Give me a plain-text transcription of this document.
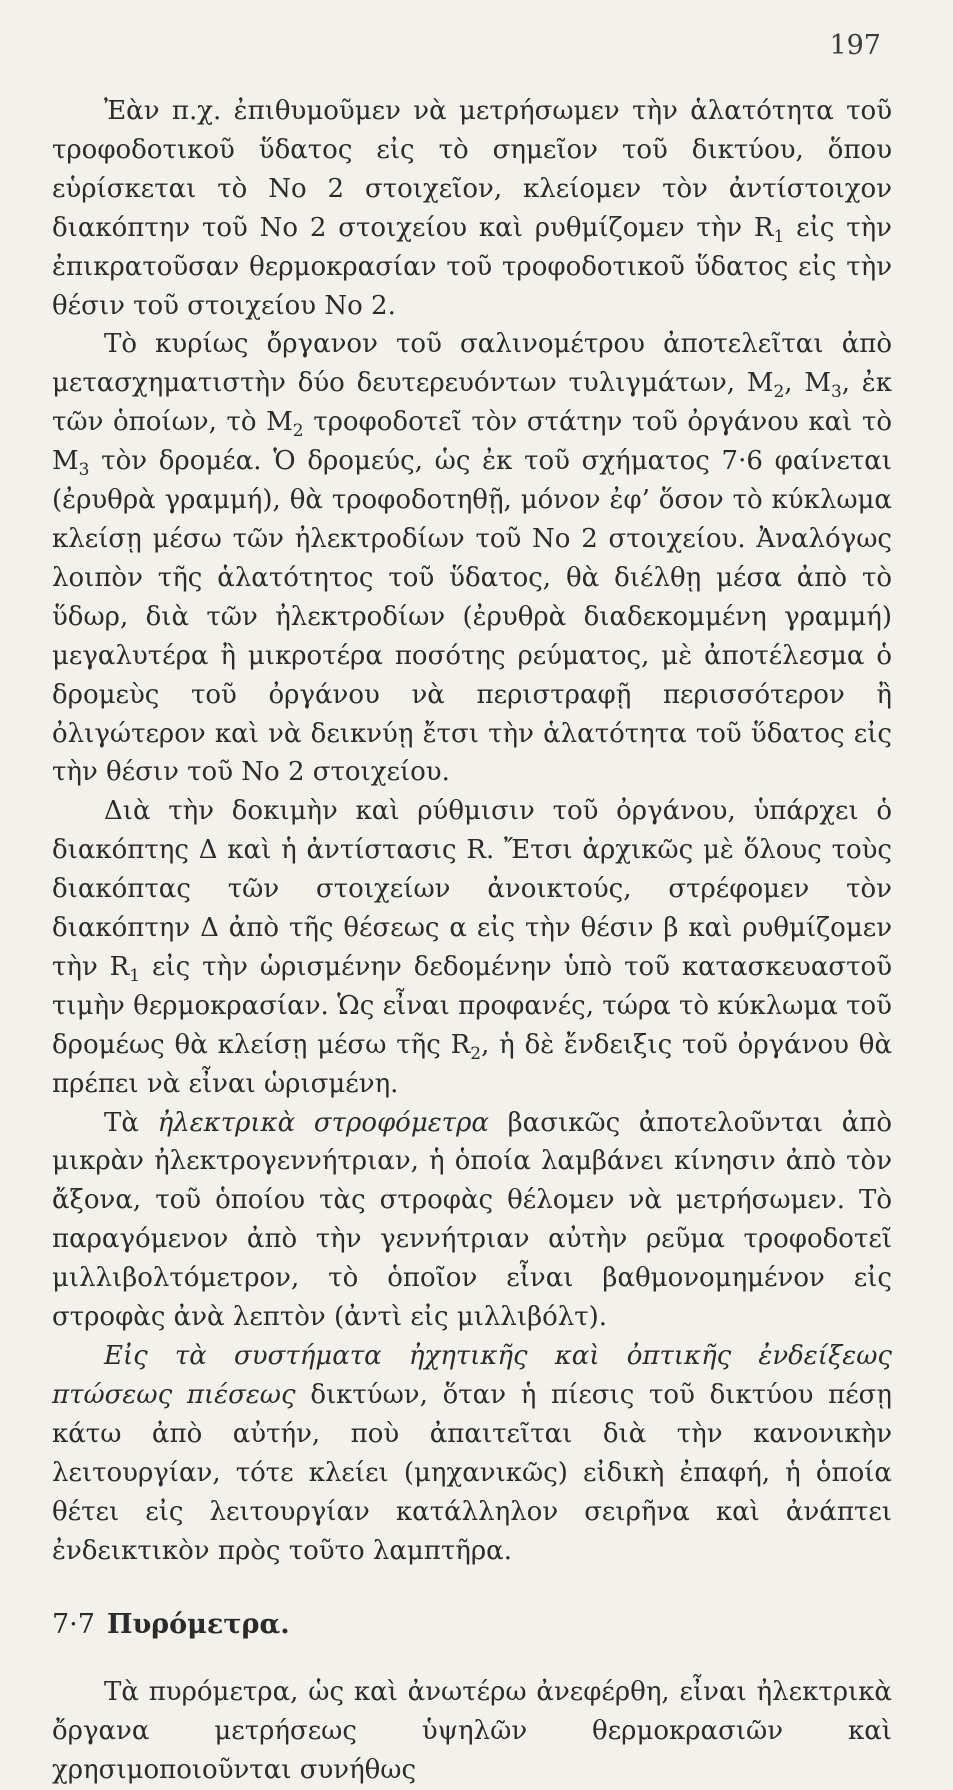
197

Ἐὰν π.χ. ἐπιθυμοῦμεν νὰ μετρήσωμεν τὴν ἁλατότητα τοῦ τροφοδοτικοῦ ὕδατος εἰς τὸ σημεῖον τοῦ δικτύου, ὅπου εὑρίσκεται τὸ Νο 2 στοιχεῖον, κλείομεν τὸν ἀντίστοιχον διακόπτην τοῦ Νο 2 στοιχείου καὶ ρυθμίζομεν τὴν $R_1$ εἰς τὴν ἐπικρατοῦσαν θερμοκρασίαν τοῦ τροφοδοτικοῦ ὕδατος εἰς τὴν θέσιν τοῦ στοιχείου Νο 2.

Τὸ κυρίως ὄργανον τοῦ σαλινομέτρου ἀποτελεῖται ἀπὸ μετασχηματιστὴν δύο δευτερευόντων τυλιγμάτων, $M_2$, $M_3$, ἐκ τῶν ὁποίων, τὸ $M_2$ τροφοδοτεῖ τὸν στάτην τοῦ ὀργάνου καὶ τὸ $M_3$ τὸν δρομέα. Ὁ δρομεύς, ὡς ἐκ τοῦ σχήματος 7·6 φαίνεται (ἐρυθρὰ γραμμή), θὰ τροφοδοτηθῇ, μόνον ἐφ’ ὅσον τὸ κύκλωμα κλείσῃ μέσω τῶν ἠλεκτροδίων τοῦ Νο 2 στοιχείου. Ἀναλόγως λοιπὸν τῆς ἁλατότητος τοῦ ὕδατος, θὰ διέλθῃ μέσα ἀπὸ τὸ ὕδωρ, διὰ τῶν ἠλεκτροδίων (ἐρυθρὰ διαδεκομμένη γραμμή) μεγαλυτέρα ἢ μικροτέρα ποσότης ρεύματος, μὲ ἀποτέλεσμα ὁ δρομεὺς τοῦ ὀργάνου νὰ περιστραφῇ περισσότερον ἢ ὀλιγώτερον καὶ νὰ δεικνύῃ ἔτσι τὴν ἁλατότητα τοῦ ὕδατος εἰς τὴν θέσιν τοῦ Νο 2 στοιχείου.

Διὰ τὴν δοκιμὴν καὶ ρύθμισιν τοῦ ὀργάνου, ὑπάρχει ὁ διακόπτης Δ καὶ ἡ ἀντίστασις R. Ἔτσι ἀρχικῶς μὲ ὅλους τοὺς διακόπτας τῶν στοιχείων ἀνοικτούς, στρέφομεν τὸν διακόπτην Δ ἀπὸ τῆς θέσεως α εἰς τὴν θέσιν β καὶ ρυθμίζομεν τὴν $R_1$ εἰς τὴν ὡρισμένην δεδομένην ὑπὸ τοῦ κατασκευαστοῦ τιμὴν θερμοκρασίαν. Ὡς εἶναι προφανές, τώρα τὸ κύκλωμα τοῦ δρομέως θὰ κλείσῃ μέσω τῆς $R_2$, ἡ δὲ ἔνδειξις τοῦ ὀργάνου θὰ πρέπει νὰ εἶναι ὡρισμένη.

Τὰ ἠλεκτρικὰ στροφόμετρα βασικῶς ἀποτελοῦνται ἀπὸ μικρὰν ἠλεκτρογεννήτριαν, ἡ ὁποία λαμβάνει κίνησιν ἀπὸ τὸν ἄξονα, τοῦ ὁποίου τὰς στροφὰς θέλομεν νὰ μετρήσωμεν. Τὸ παραγόμενον ἀπὸ τὴν γεννήτριαν αὐτὴν ρεῦμα τροφοδοτεῖ μιλλιβολτόμετρον, τὸ ὁποῖον εἶναι βαθμονομημένον εἰς στροφὰς ἀνὰ λεπτὸν (ἀντὶ εἰς μιλλιβόλτ).

Εἰς τὰ συστήματα ἠχητικῆς καὶ ὀπτικῆς ἐνδείξεως πτώσεως πιέσεως δικτύων, ὅταν ἡ πίεσις τοῦ δικτύου πέσῃ κάτω ἀπὸ αὐτήν, ποὺ ἀπαιτεῖται διὰ τὴν κανονικὴν λειτουργίαν, τότε κλείει (μηχανικῶς) εἰδικὴ ἐπαφή, ἡ ὁποία θέτει εἰς λειτουργίαν κατάλληλον σειρῆνα καὶ ἀνάπτει ἐνδεικτικὸν πρὸς τοῦτο λαμπτῆρα.

7·7 Πυρόμετρα.

Τὰ πυρόμετρα, ὡς καὶ ἀνωτέρω ἀνεφέρθη, εἶναι ἠλεκτρικὰ ὄργανα μετρήσεως ὑψηλῶν θερμοκρασιῶν καὶ χρησιμοποιοῦνται συνήθως
